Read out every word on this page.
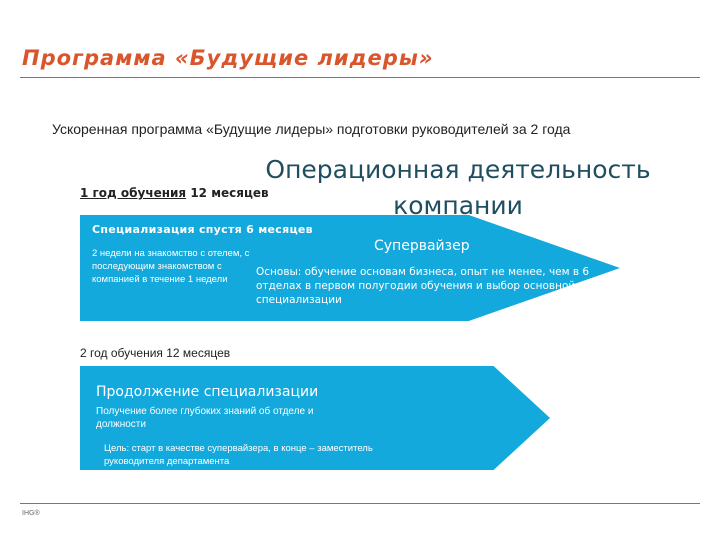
Программа «Будущие лидеры»
Ускоренная программа «Будущие лидеры» подготовки руководителей за 2 года
Операционная деятельность компании
1 год обучения 12 месяцев
Специализация спустя 6 месяцев
2 недели на знакомство с отелем, с последующим знакомством с компанией в течение 1 недели
Супервайзер
Основы: обучение основам бизнеса, опыт не менее, чем в 6 отделах в первом полугодии обучения и выбор основной специализации
2 год обучения 12 месяцев
Продолжение специализации
Получение более глубоких знаний об отделе и должности
Цель: старт в качестве супервайзера, в конце – заместитель руководителя департамента
IHG®
